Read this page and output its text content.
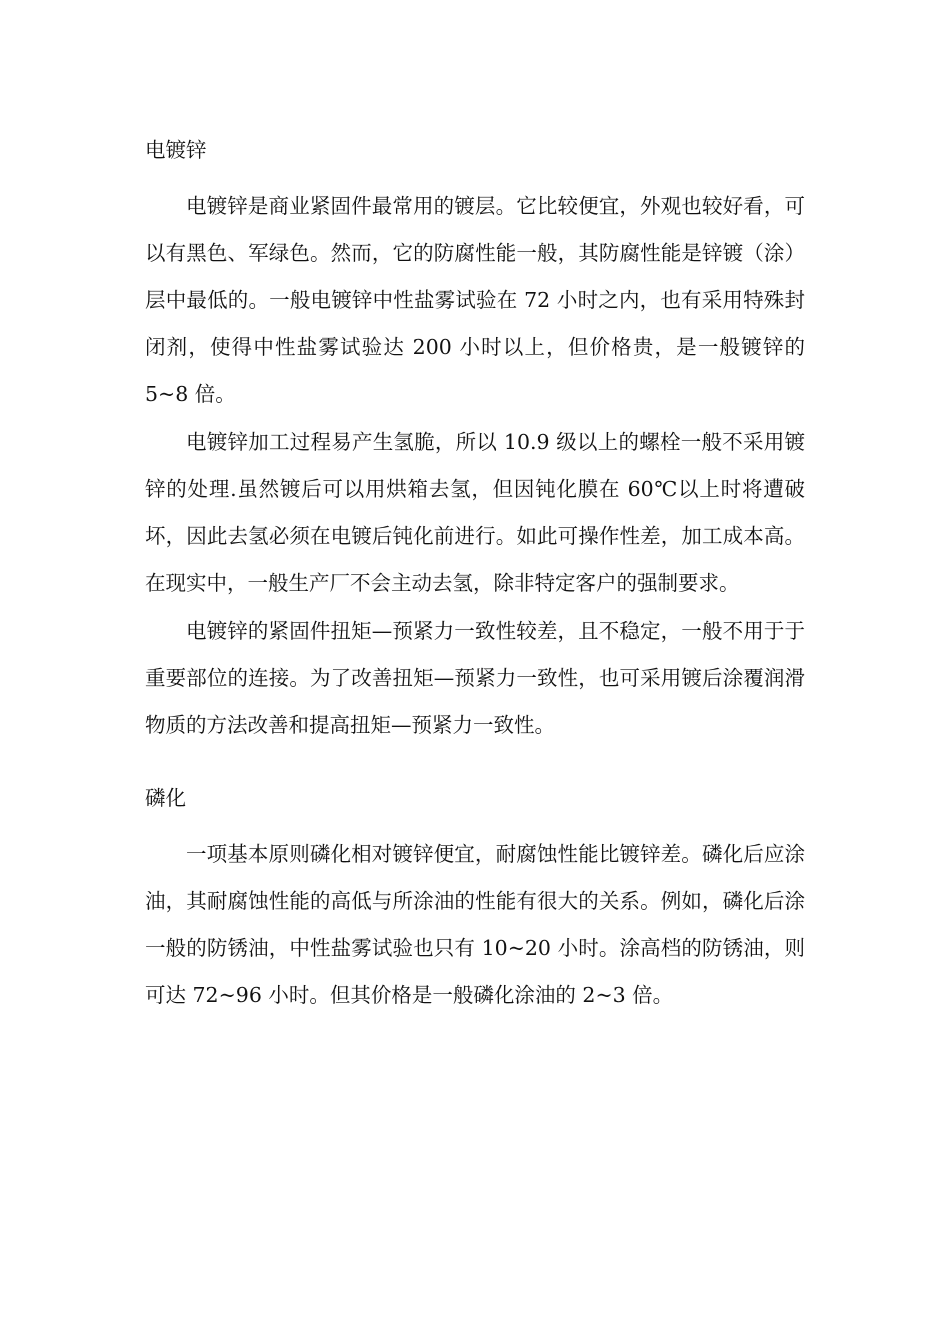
电镀锌

电镀锌是商业紧固件最常用的镀层。它比较便宜，外观也较好看，可以有黑色、军绿色。然而，它的防腐性能一般，其防腐性能是锌镀（涂）层中最低的。一般电镀锌中性盐雾试验在 72 小时之内，也有采用特殊封闭剂，使得中性盐雾试验达 200 小时以上，但价格贵，是一般镀锌的 5~8 倍。

电镀锌加工过程易产生氢脆，所以 10.9 级以上的螺栓一般不采用镀锌的处理.虽然镀后可以用烘箱去氢，但因钝化膜在 60℃以上时将遭破坏，因此去氢必须在电镀后钝化前进行。如此可操作性差，加工成本高。在现实中，一般生产厂不会主动去氢，除非特定客户的强制要求。

电镀锌的紧固件扭矩—预紧力一致性较差，且不稳定，一般不用于于重要部位的连接。为了改善扭矩—预紧力一致性，也可采用镀后涂覆润滑物质的方法改善和提高扭矩—预紧力一致性。

磷化

一项基本原则磷化相对镀锌便宜，耐腐蚀性能比镀锌差。磷化后应涂油，其耐腐蚀性能的高低与所涂油的性能有很大的关系。例如，磷化后涂一般的防锈油，中性盐雾试验也只有 10~20 小时。涂高档的防锈油，则可达 72~96 小时。但其价格是一般磷化涂油的 2~3 倍。
